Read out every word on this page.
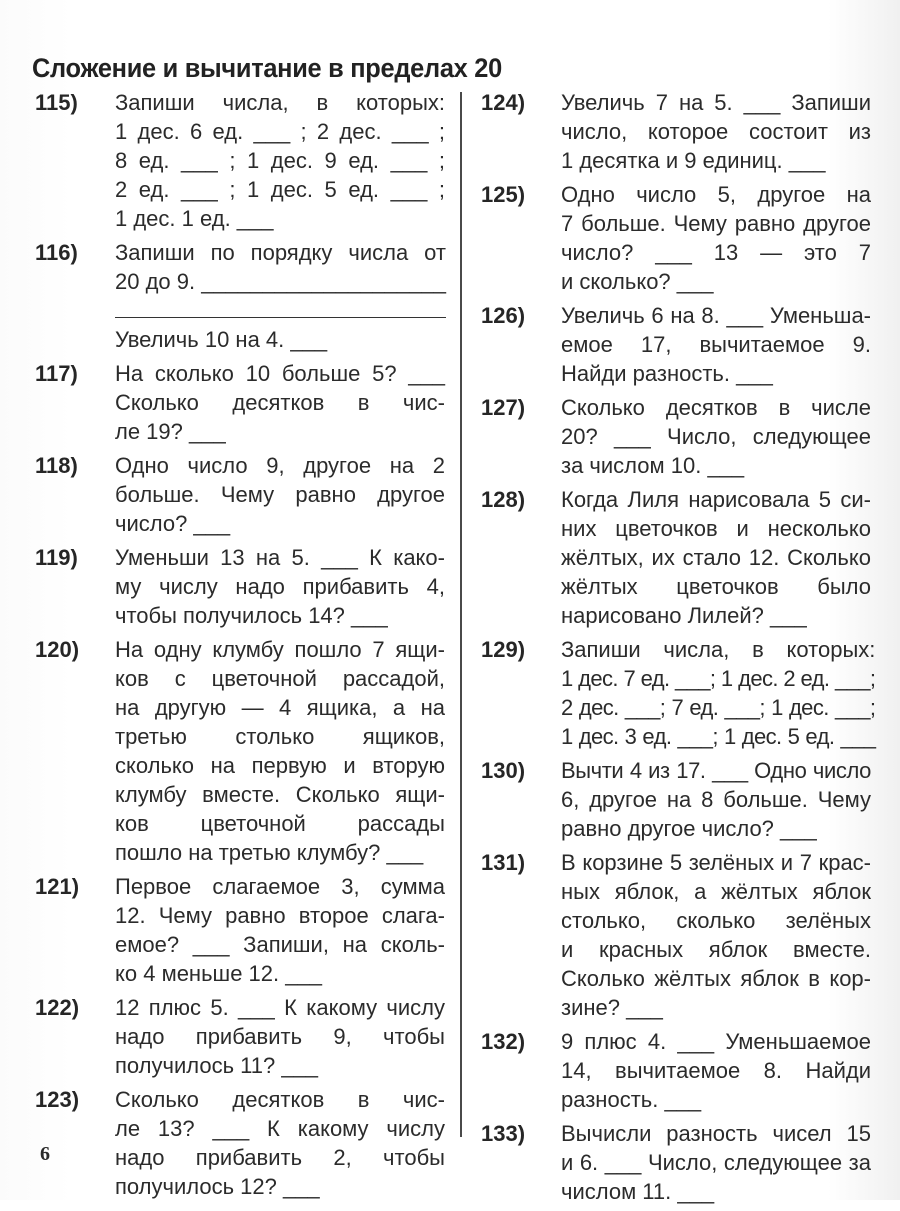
Сложение и вычитание в пределах 20
115)	Запиши числа, в которых:
1 дес. 6 ед. ___ ; 2 дес. ___ ;
8 ед. ___ ; 1 дес. 9 ед. ___ ;
2 ед. ___ ; 1 дес. 5 ед. ___ ;
1 дес. 1 ед. ___
116)	Запиши по порядку числа от
20 до 9. ____________________
Увеличь 10 на 4. ___
117)	На сколько 10 больше 5? ___
Сколько десятков в чис-
ле 19? ___
118)	Одно число 9, другое на 2
больше. Чему равно другое
число? ___
119)	Уменьши 13 на 5. ___ К како-
му числу надо прибавить 4,
чтобы получилось 14? ___
120)	На одну клумбу пошло 7 ящи-
ков с цветочной рассадой,
на другую — 4 ящика, а на
третью столько ящиков,
сколько на первую и вторую
клумбу вместе. Сколько ящи-
ков цветочной рассады
пошло на третью клумбу? ___
121)	Первое слагаемое 3, сумма
12. Чему равно второе слага-
емое? ___ Запиши, на сколь-
ко 4 меньше 12. ___
122)	12 плюс 5. ___ К какому числу
надо прибавить 9, чтобы
получилось 11? ___
123)	Сколько десятков в чис-
ле 13? ___ К какому числу
надо прибавить 2, чтобы
получилось 12? ___
124)	Увеличь 7 на 5. ___ Запиши
число, которое состоит из
1 десятка и 9 единиц. ___
125)	Одно число 5, другое на
7 больше. Чему равно другое
число? ___ 13 — это 7
и сколько? ___
126)	Увеличь 6 на 8. ___ Уменьша-
емое 17, вычитаемое 9.
Найди разность. ___
127)	Сколько десятков в числе
20? ___ Число, следующее
за числом 10. ___
128)	Когда Лиля нарисовала 5 си-
них цветочков и несколько
жёлтых, их стало 12. Сколько
жёлтых цветочков было
нарисовано Лилей? ___
129)	Запиши числа, в которых:
1 дес. 7 ед. ___; 1 дес. 2 ед. ___;
2 дес. ___; 7 ед. ___; 1 дес. ___;
1 дес. 3 ед. ___; 1 дес. 5 ед. ___
130)	Вычти 4 из 17. ___ Одно число
6, другое на 8 больше. Чему
равно другое число? ___
131)	В корзине 5 зелёных и 7 крас-
ных яблок, а жёлтых яблок
столько, сколько зелёных
и красных яблок вместе.
Сколько жёлтых яблок в кор-
зине? ___
132)	9 плюс 4. ___ Уменьшаемое
14, вычитаемое 8. Найди
разность. ___
133)	Вычисли разность чисел 15
и 6. ___ Число, следующее за
числом 11. ___
6
